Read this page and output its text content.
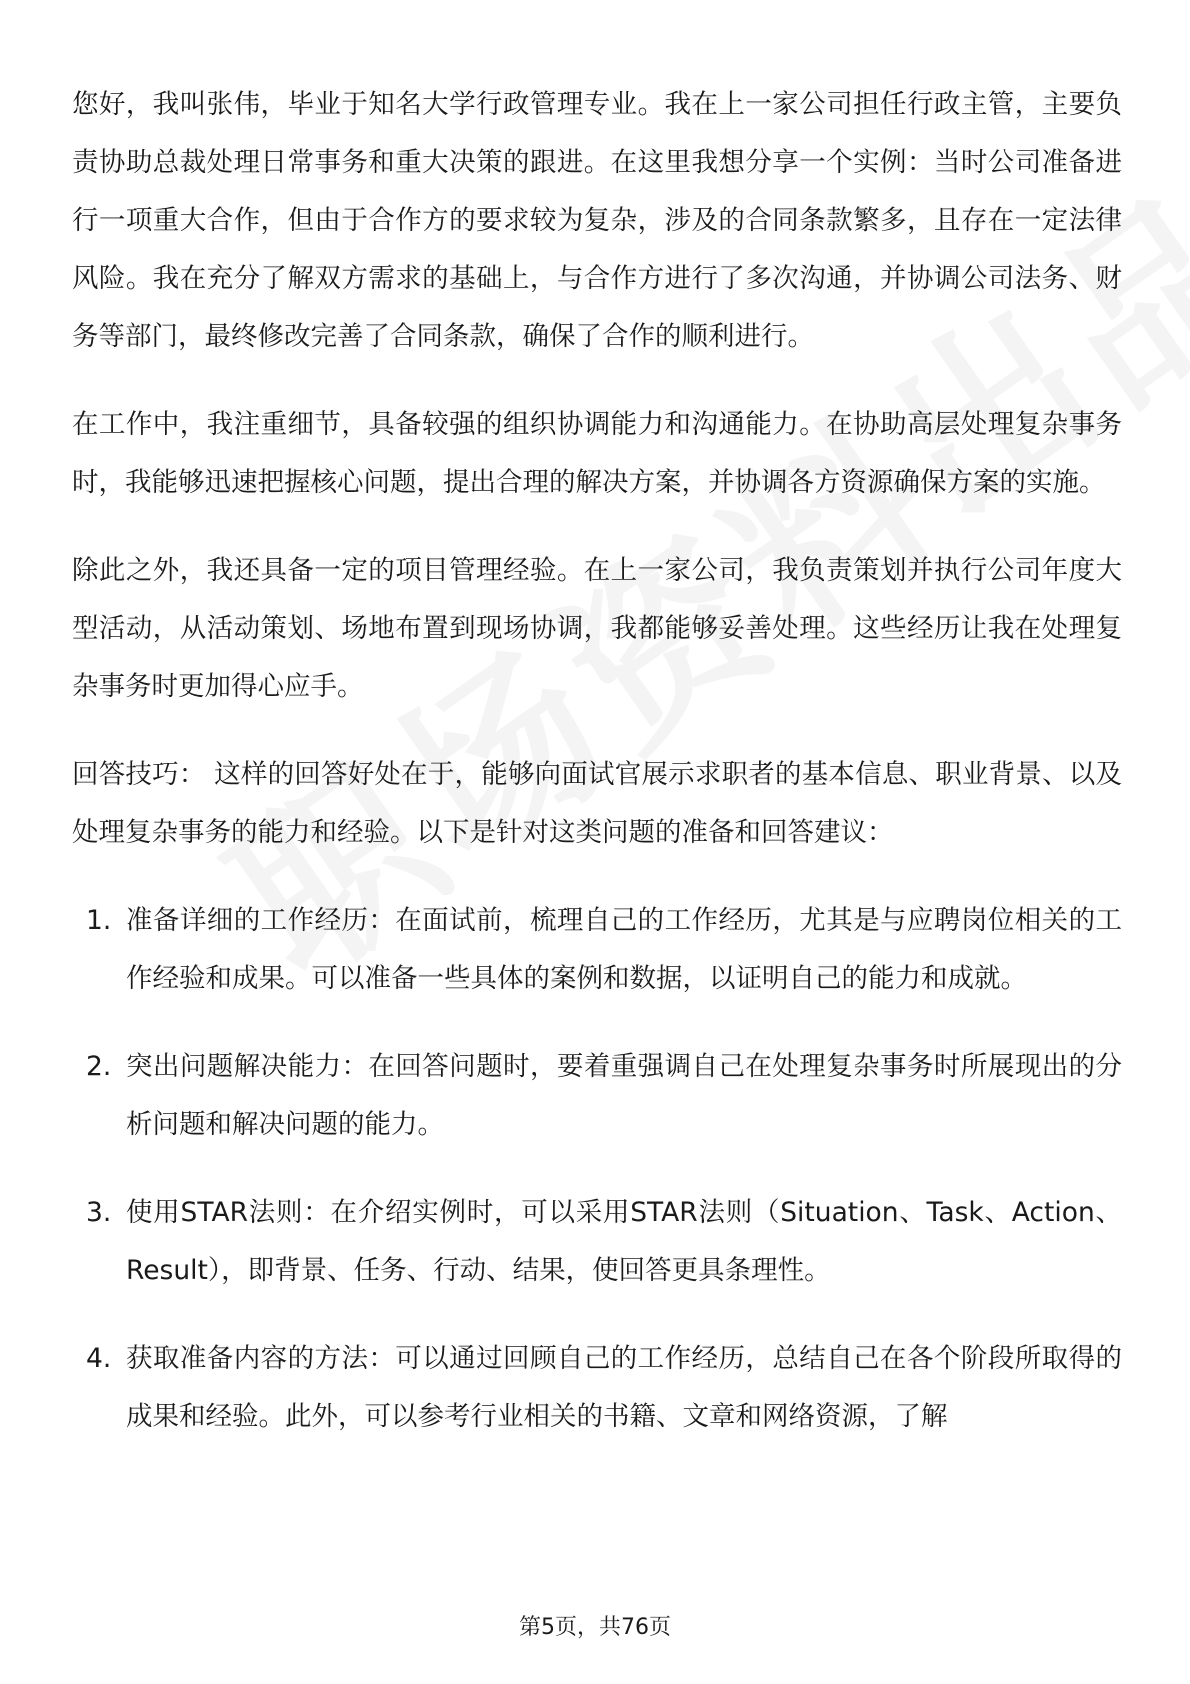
您好，我叫张伟，毕业于知名大学行政管理专业。我在上一家公司担任行政主管，主要负责协助总裁处理日常事务和重大决策的跟进。在这里我想分享一个实例：当时公司准备进行一项重大合作，但由于合作方的要求较为复杂，涉及的合同条款繁多，且存在一定法律风险。我在充分了解双方需求的基础上，与合作方进行了多次沟通，并协调公司法务、财务等部门，最终修改完善了合同条款，确保了合作的顺利进行。

在工作中，我注重细节，具备较强的组织协调能力和沟通能力。在协助高层处理复杂事务时，我能够迅速把握核心问题，提出合理的解决方案，并协调各方资源确保方案的实施。

除此之外，我还具备一定的项目管理经验。在上一家公司，我负责策划并执行公司年度大型活动，从活动策划、场地布置到现场协调，我都能够妥善处理。这些经历让我在处理复杂事务时更加得心应手。

回答技巧： 这样的回答好处在于，能够向面试官展示求职者的基本信息、职业背景、以及处理复杂事务的能力和经验。以下是针对这类问题的准备和回答建议：

1. 准备详细的工作经历：在面试前，梳理自己的工作经历，尤其是与应聘岗位相关的工作经验和成果。可以准备一些具体的案例和数据，以证明自己的能力和成就。
2. 突出问题解决能力：在回答问题时，要着重强调自己在处理复杂事务时所展现出的分析问题和解决问题的能力。
3. 使用STAR法则：在介绍实例时，可以采用STAR法则（Situation、Task、Action、Result），即背景、任务、行动、结果，使回答更具条理性。
4. 获取准备内容的方法：可以通过回顾自己的工作经历，总结自己在各个阶段所取得的成果和经验。此外，可以参考行业相关的书籍、文章和网络资源，了解
第5页，共76页
